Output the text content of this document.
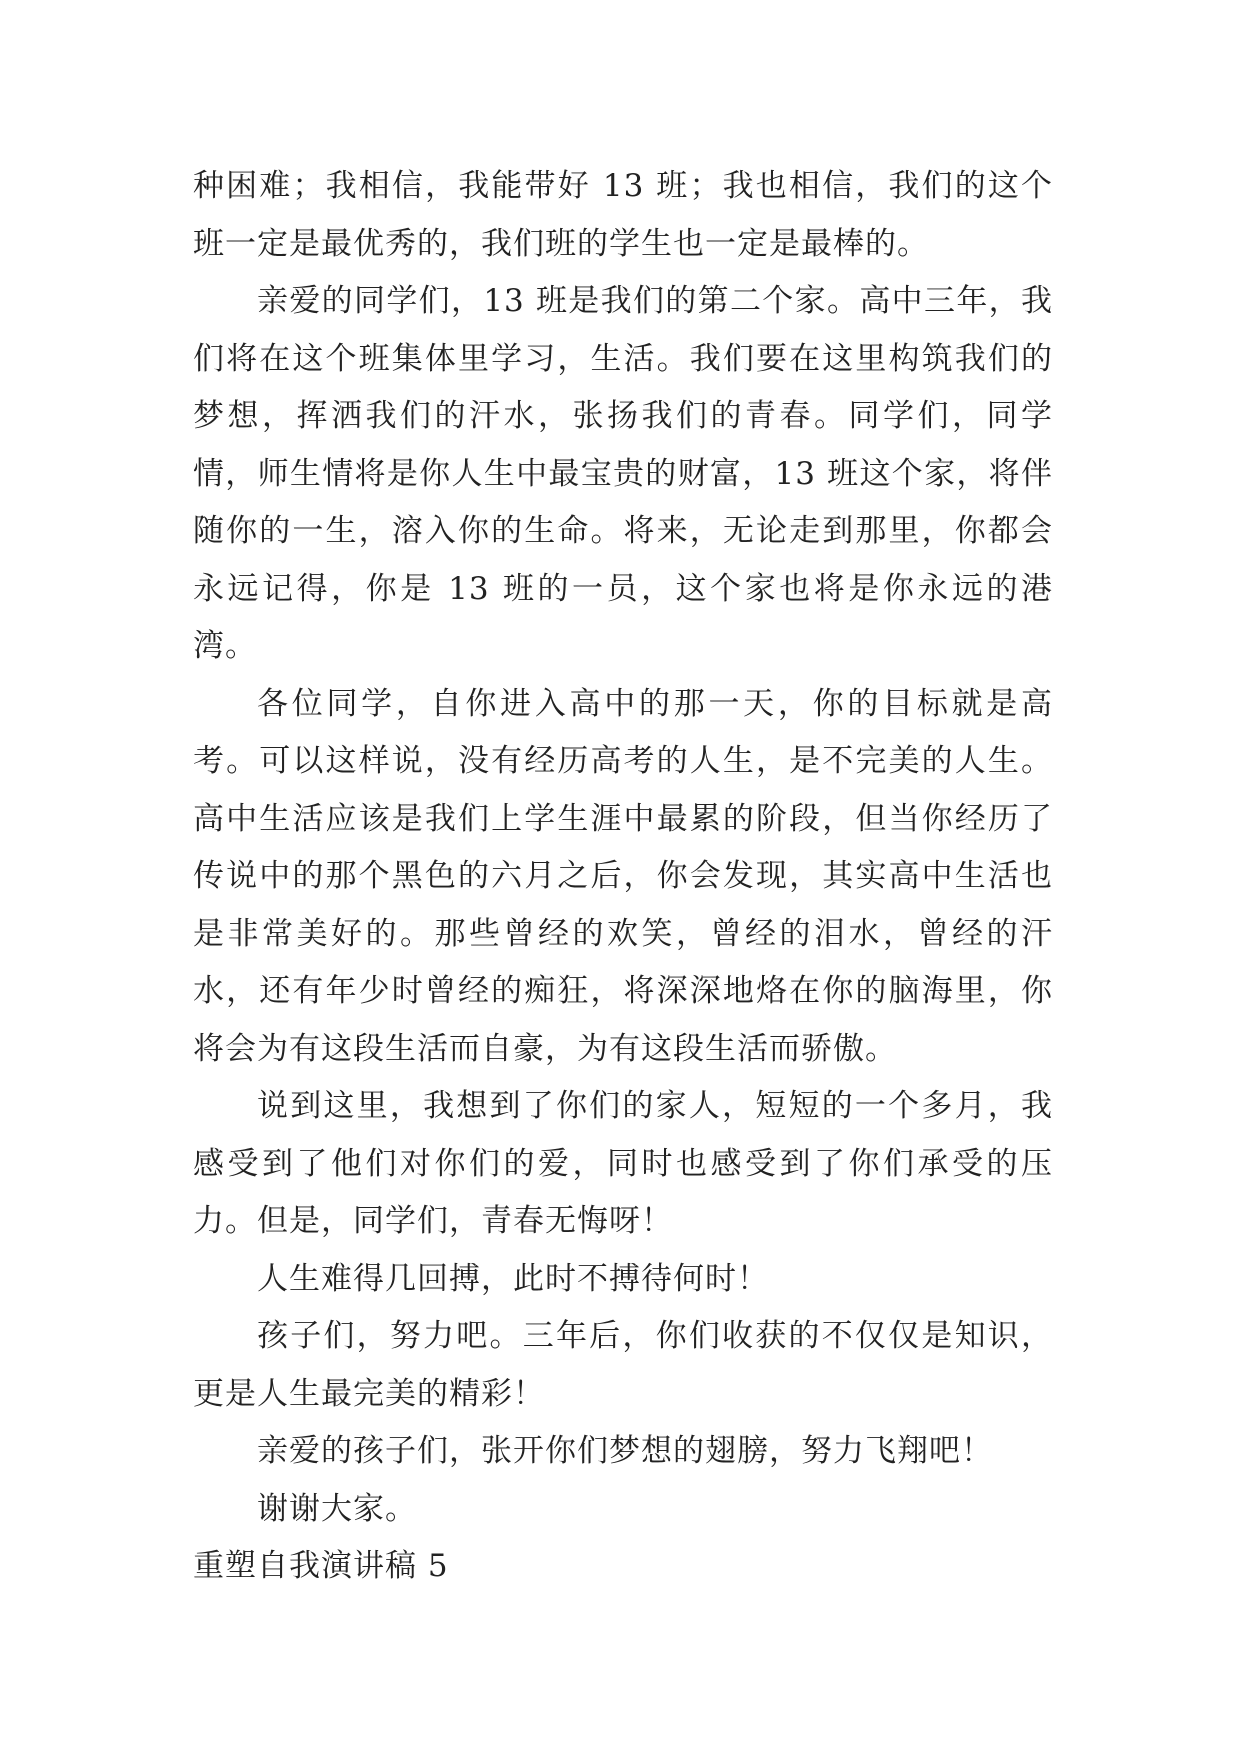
种困难；我相信，我能带好 13 班；我也相信，我们的这个班一定是最优秀的，我们班的学生也一定是最棒的。

亲爱的同学们，13 班是我们的第二个家。高中三年，我们将在这个班集体里学习，生活。我们要在这里构筑我们的梦想，挥洒我们的汗水，张扬我们的青春。同学们，同学情，师生情将是你人生中最宝贵的财富，13 班这个家，将伴随你的一生，溶入你的生命。将来，无论走到那里，你都会永远记得，你是 13 班的一员，这个家也将是你永远的港湾。

各位同学，自你进入高中的那一天，你的目标就是高考。可以这样说，没有经历高考的人生，是不完美的人生。高中生活应该是我们上学生涯中最累的阶段，但当你经历了传说中的那个黑色的六月之后，你会发现，其实高中生活也是非常美好的。那些曾经的欢笑，曾经的泪水，曾经的汗水，还有年少时曾经的痴狂，将深深地烙在你的脑海里，你将会为有这段生活而自豪，为有这段生活而骄傲。

说到这里，我想到了你们的家人，短短的一个多月，我感受到了他们对你们的爱，同时也感受到了你们承受的压力。但是，同学们，青春无悔呀！

人生难得几回搏，此时不搏待何时！

孩子们，努力吧。三年后，你们收获的不仅仅是知识，更是人生最完美的精彩！

亲爱的孩子们，张开你们梦想的翅膀，努力飞翔吧！

谢谢大家。

重塑自我演讲稿 5
